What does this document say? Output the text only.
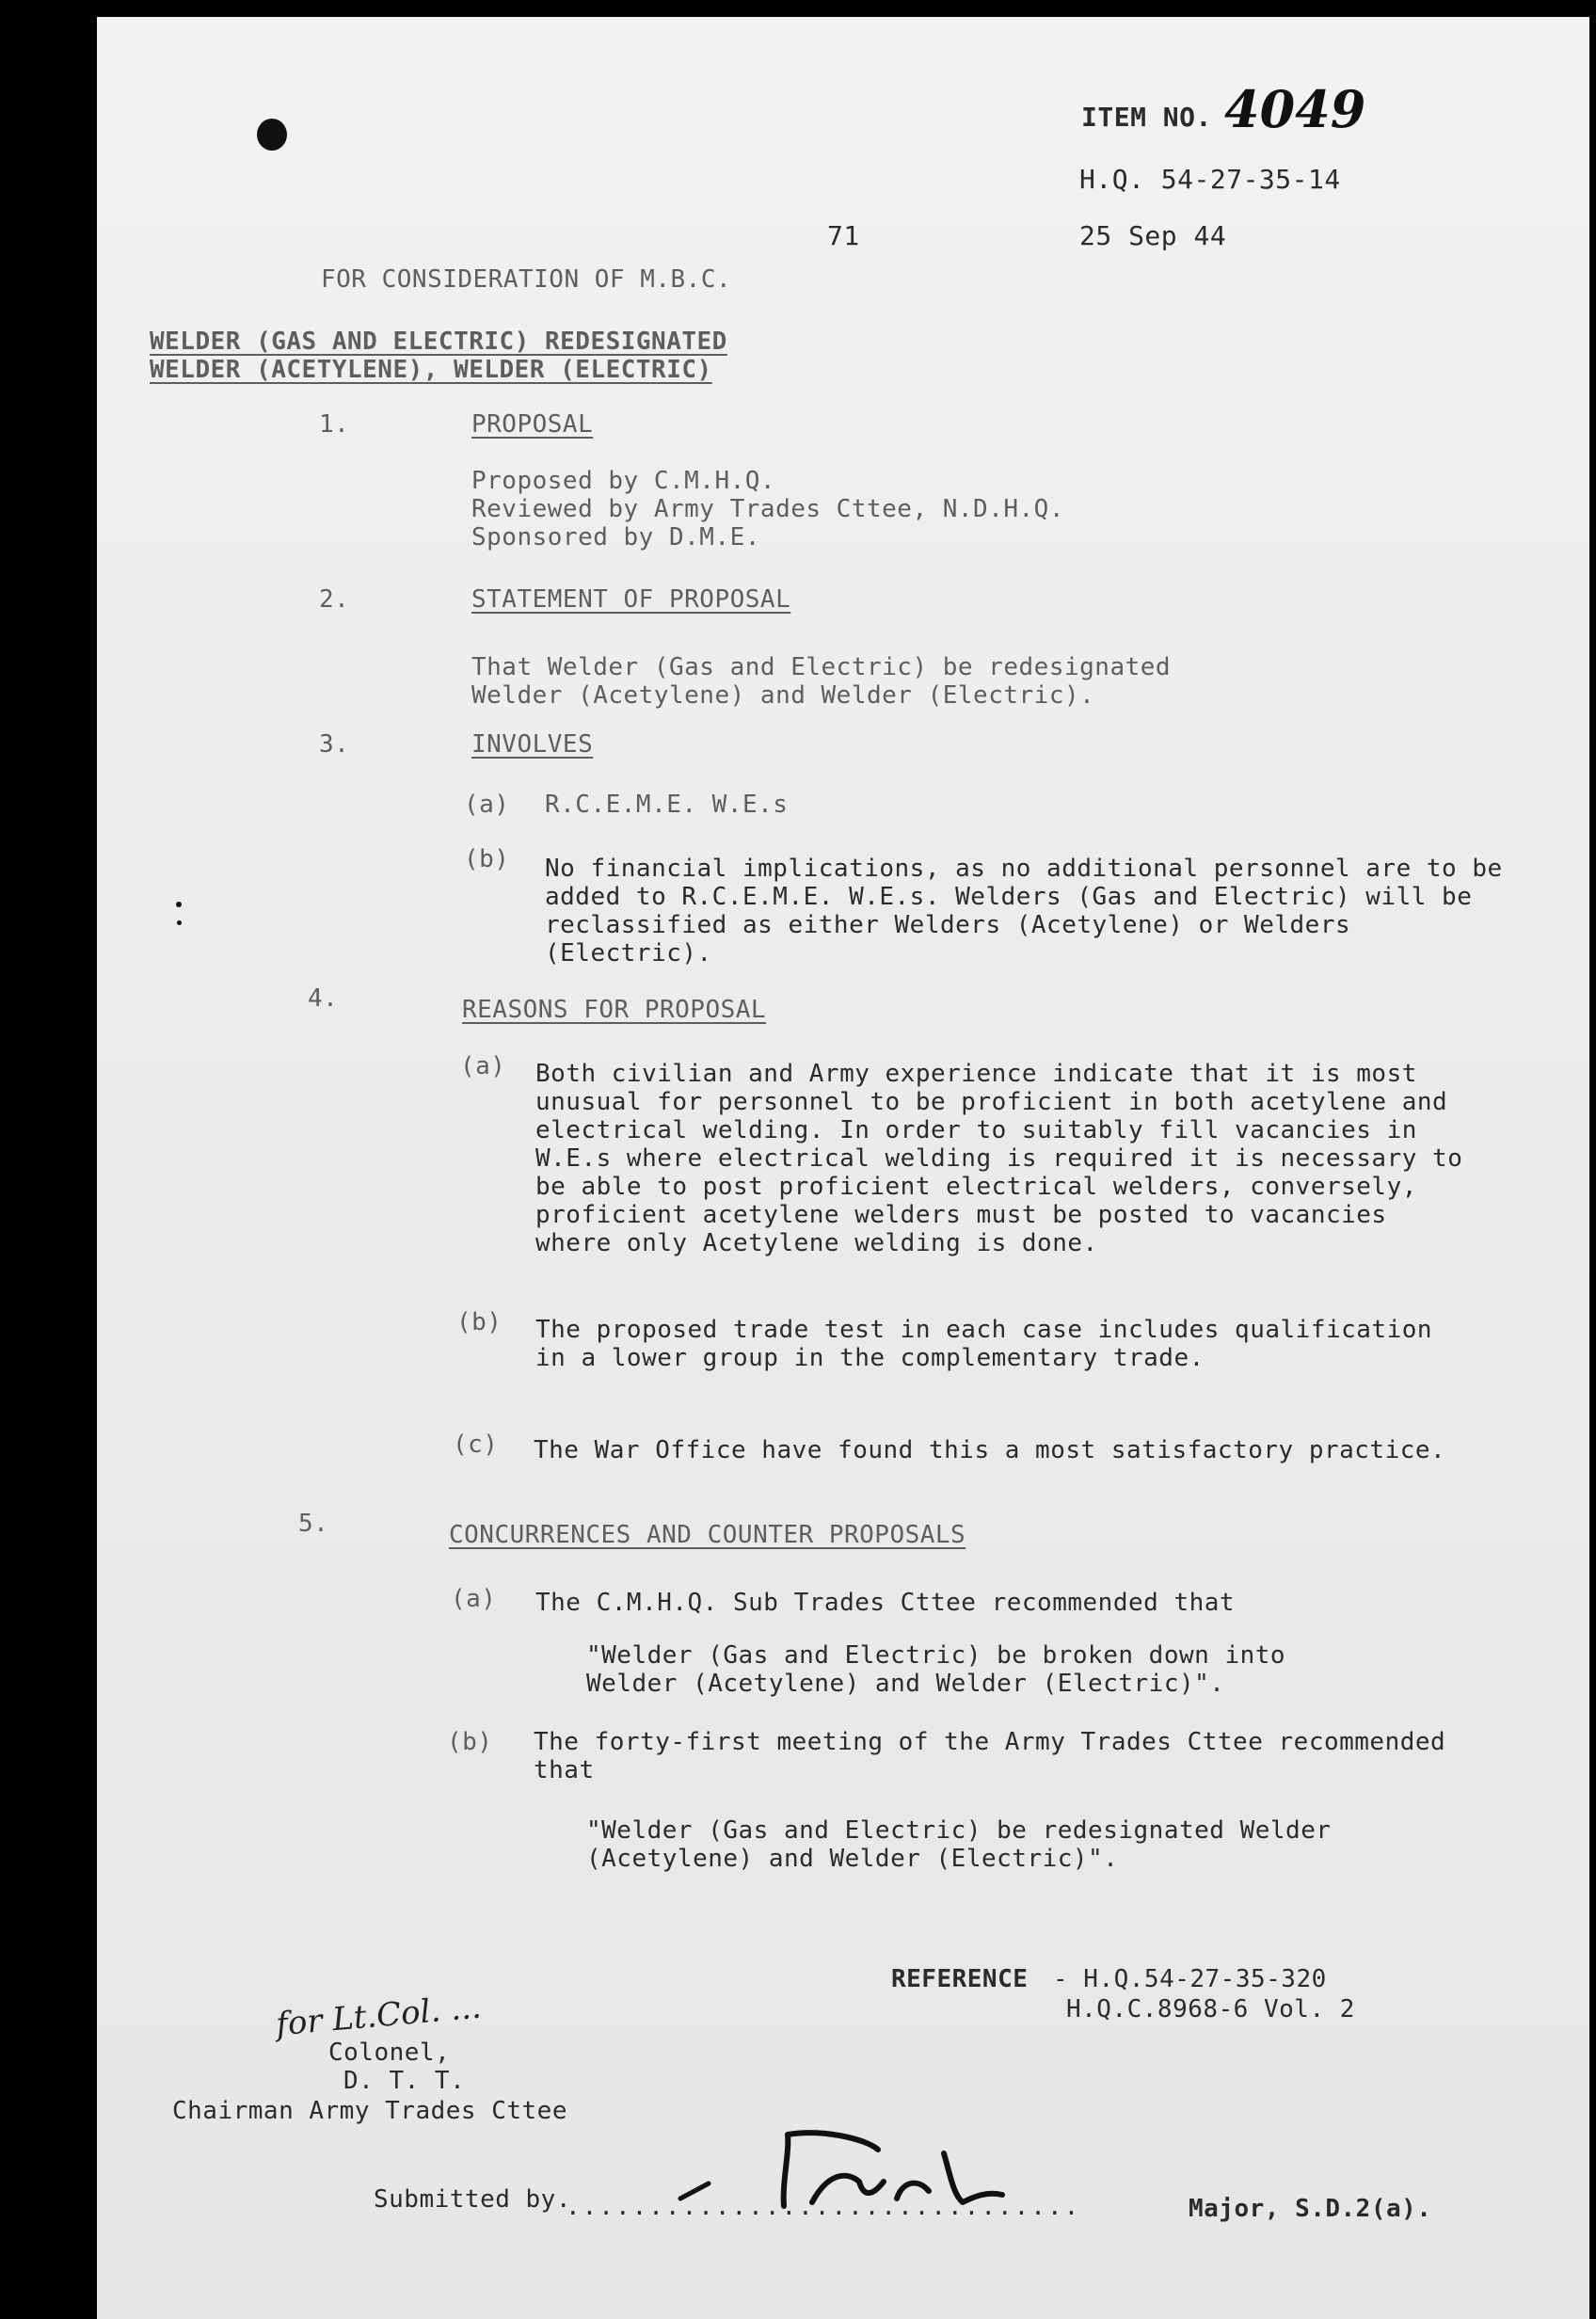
ITEM NO. 4049
H.Q. 54-27-35-14
71	25 Sep 44
FOR CONSIDERATION OF M.B.C.
WELDER (GAS AND ELECTRIC) REDESIGNATED
WELDER (ACETYLENE), WELDER (ELECTRIC)
1.	PROPOSAL
Proposed by C.M.H.Q.
Reviewed by Army Trades Cttee, N.D.H.Q.
Sponsored by D.M.E.
2.	STATEMENT OF PROPOSAL
That Welder (Gas and Electric) be redesignated Welder (Acetylene) and Welder (Electric).
3.	INVOLVES
(a) R.C.E.M.E. W.E.s
(b) No financial implications, as no additional personnel are to be added to R.C.E.M.E. W.E.s. Welders (Gas and Electric) will be reclassified as either Welders (Acetylene) or Welders (Electric).
4.	REASONS FOR PROPOSAL
(a) Both civilian and Army experience indicate that it is most unusual for personnel to be proficient in both acetylene and electrical welding. In order to suitably fill vacancies in W.E.s where electrical welding is required it is necessary to be able to post proficient electrical welders, conversely, proficient acetylene welders must be posted to vacancies where only Acetylene welding is done.
(b) The proposed trade test in each case includes qualification in a lower group in the complementary trade.
(c) The War Office have found this a most satisfactory practice.
5.	CONCURRENCES AND COUNTER PROPOSALS
(a) The C.M.H.Q. Sub Trades Cttee recommended that
"Welder (Gas and Electric) be broken down into Welder (Acetylene) and Welder (Electric)".
(b) The forty-first meeting of the Army Trades Cttee recommended that
"Welder (Gas and Electric) be redesignated Welder (Acetylene) and Welder (Electric)".
REFERENCE - H.Q.54-27-35-320
H.Q.C.8968-6 Vol. 2
for Lt.Col. ...
Colonel,
D. T. T.
Chairman Army Trades Cttee
Submitted by.
...............................	Major, S.D.2(a).
